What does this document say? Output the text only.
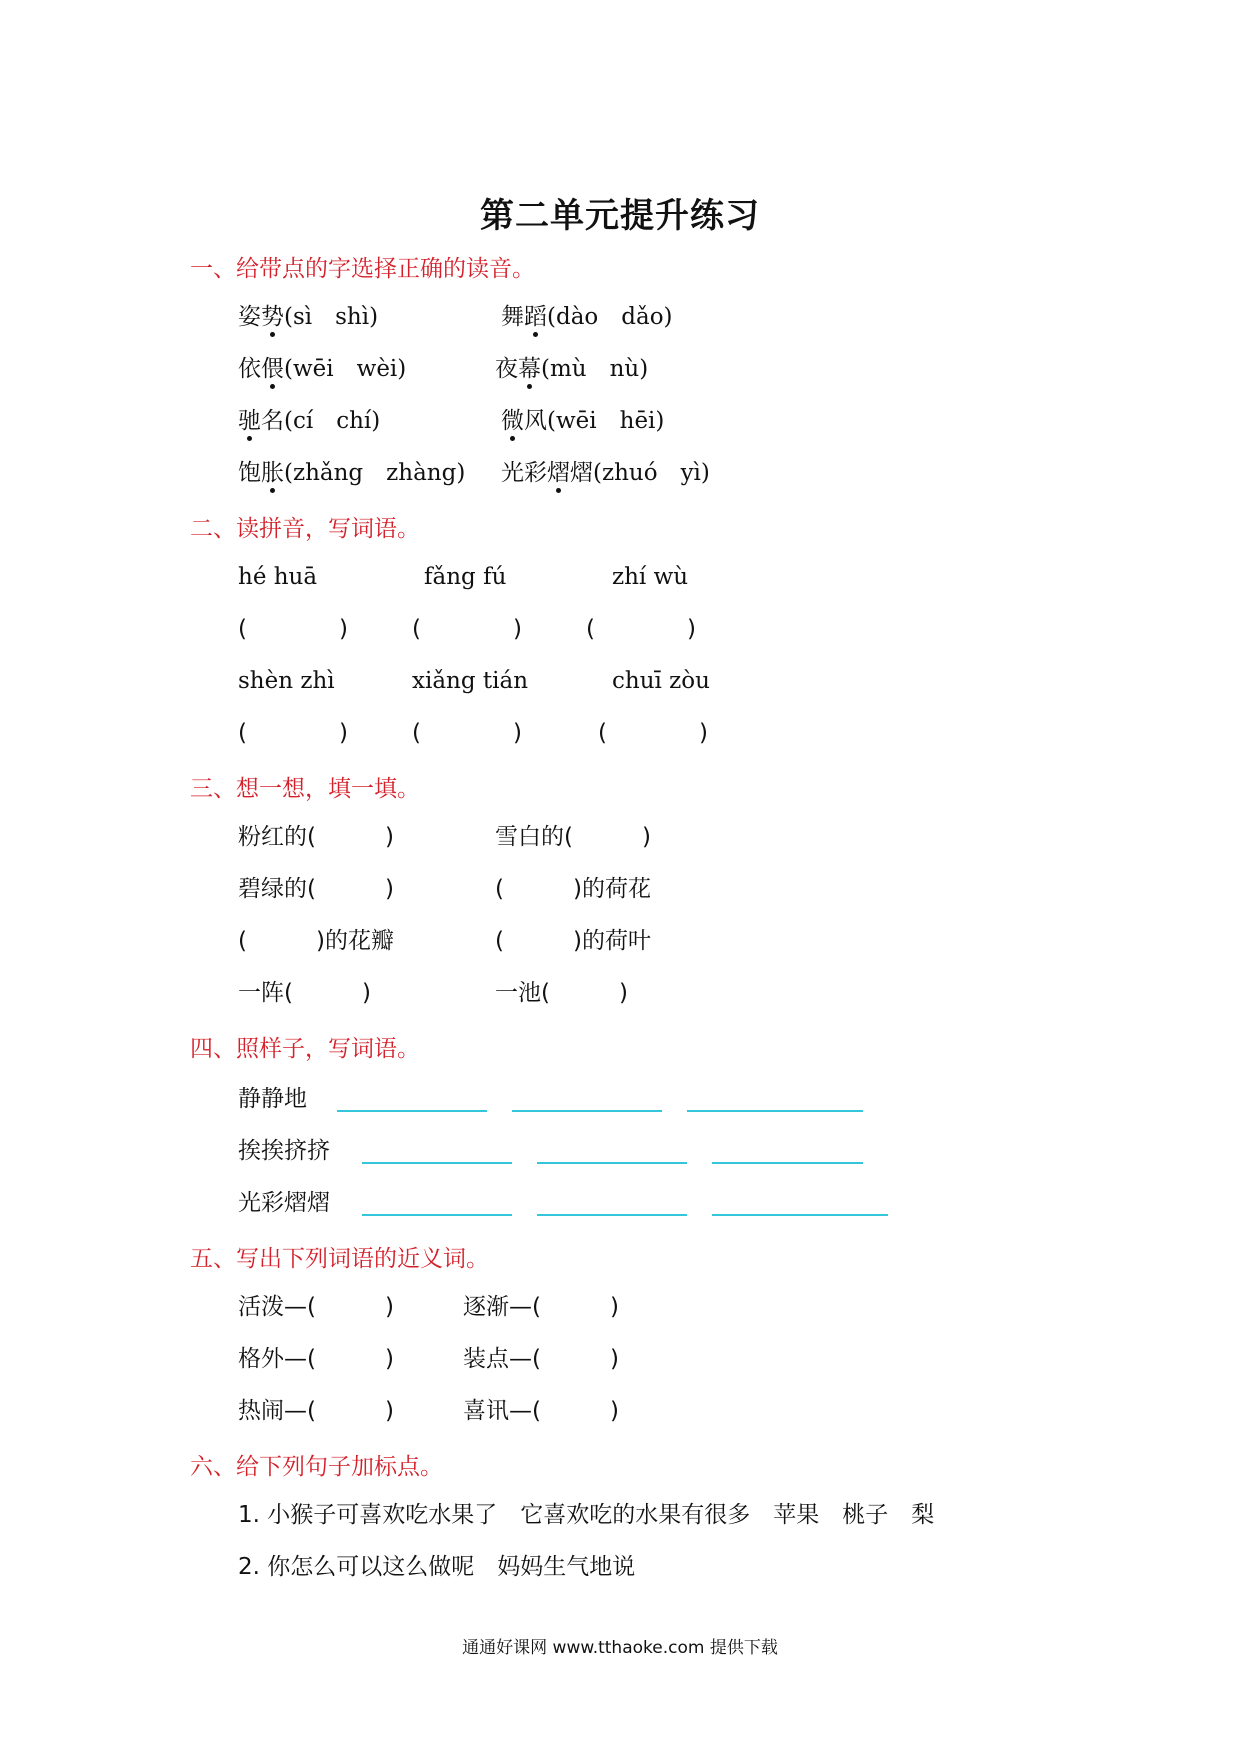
第二单元提升练习
一、给带点的字选择正确的读音。
姿势(sì　shì)	舞蹈(dào　dǎo)
依偎(wēi　wèi)	夜幕(mù　nù)
驰名(cí　chí)	微风(wēi　hēi)
饱胀(zhǎng　zhàng) 光彩熠熠(zhuó　yì)
二、读拼音，写词语。
hé huā	fǎng fú	zhí wù
(　　　　)	(　　　　)	(　　　　)
shèn zhì	xiǎng tián	chuī zòu
(　　　　)	(　　　　)	(　　　　)
三、想一想，填一填。
粉红的(　　　)	雪白的(　　　)
碧绿的(　　　)	(　　　)的荷花
(　　　)的花瓣	(　　　)的荷叶
一阵(　　　)	一池(　　　)
四、照样子，写词语。
静静地
挨挨挤挤
光彩熠熠
五、写出下列词语的近义词。
活泼—(　　　)	逐渐—(　　　)
格外—(　　　)	装点—(　　　)
热闹—(　　　)	喜讯—(　　　)
六、给下列句子加标点。
1. 小猴子可喜欢吃水果了　它喜欢吃的水果有很多　苹果　桃子　梨
2. 你怎么可以这么做呢　妈妈生气地说
通通好课网 www.tthaoke.com 提供下载
